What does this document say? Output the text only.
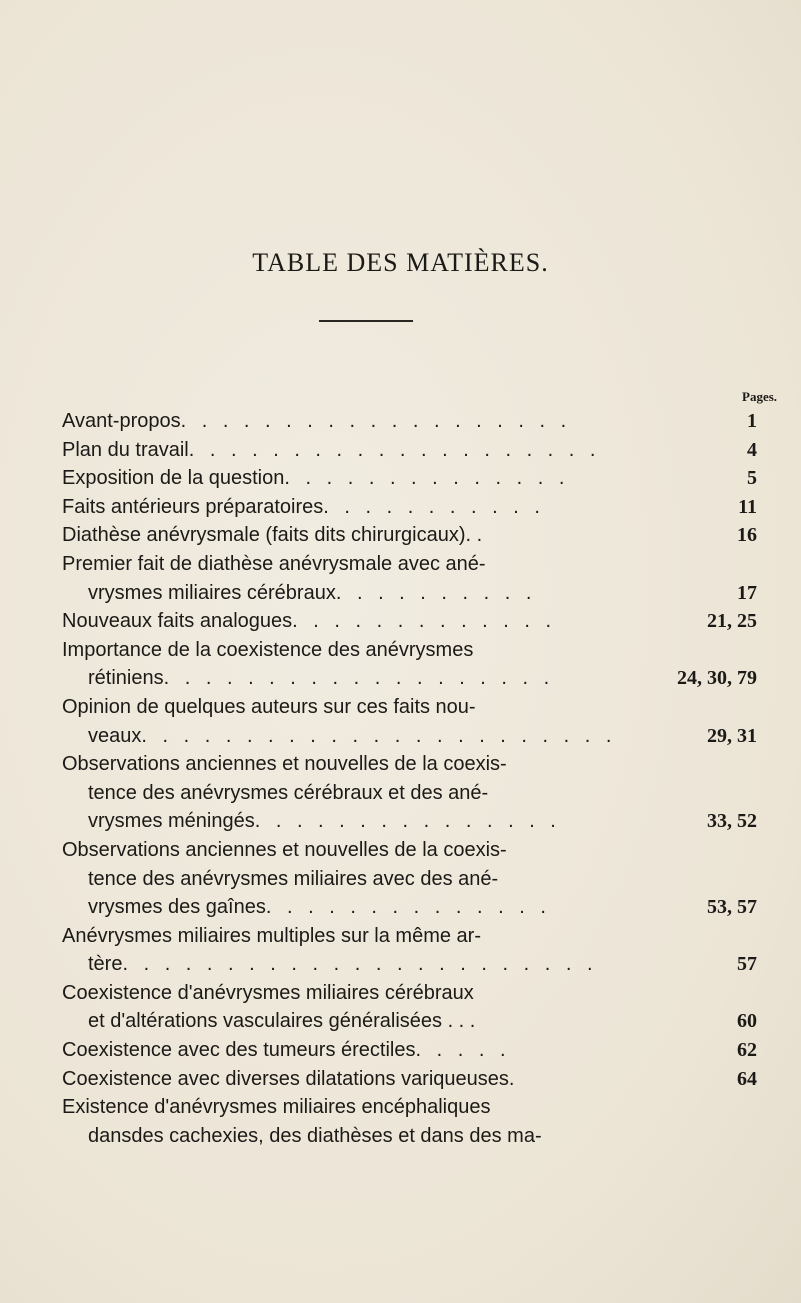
TABLE DES MATIÈRES.
Pages.
Avant-propos. . . . . . . . . . . . . . . . . . .	1
Plan du travail. . . . . . . . . . . . . . . . . . . .	4
Exposition de la question. . . . . . . . . . . . . .	5
Faits antérieurs préparatoires. . . . . . . . . . .	11
Diathèse anévrysmale (faits dits chirurgicaux). .	16
Premier fait de diathèse anévrysmale avec ané-
vrysmes miliaires cérébraux. . . . . . . . . .	17
Nouveaux faits analogues. . . . . . . . . . . . .	21, 25
Importance de la coexistence des anévrysmes
rétiniens. . . . . . . . . . . . . . . . . . .	24, 30, 79
Opinion de quelques auteurs sur ces faits nou-
veaux. . . . . . . . . . . . . . . . . . . . . . .	29, 31
Observations anciennes et nouvelles de la coexis-
tence des anévrysmes cérébraux et des ané-
vrysmes méningés. . . . . . . . . . . . . . .	33, 52
Observations anciennes et nouvelles de la coexis-
tence des anévrysmes miliaires avec des ané-
vrysmes des gaînes. . . . . . . . . . . . . .	53, 57
Anévrysmes miliaires multiples sur la même ar-
tère. . . . . . . . . . . . . . . . . . . . . . .	57
Coexistence d'anévrysmes miliaires cérébraux
et d'altérations vasculaires généralisées . . .	60
Coexistence avec des tumeurs érectiles. . . . .	62
Coexistence avec diverses dilatations variqueuses.	64
Existence d'anévrysmes miliaires encéphaliques
dansdes cachexies, des diathèses et dans des ma-
